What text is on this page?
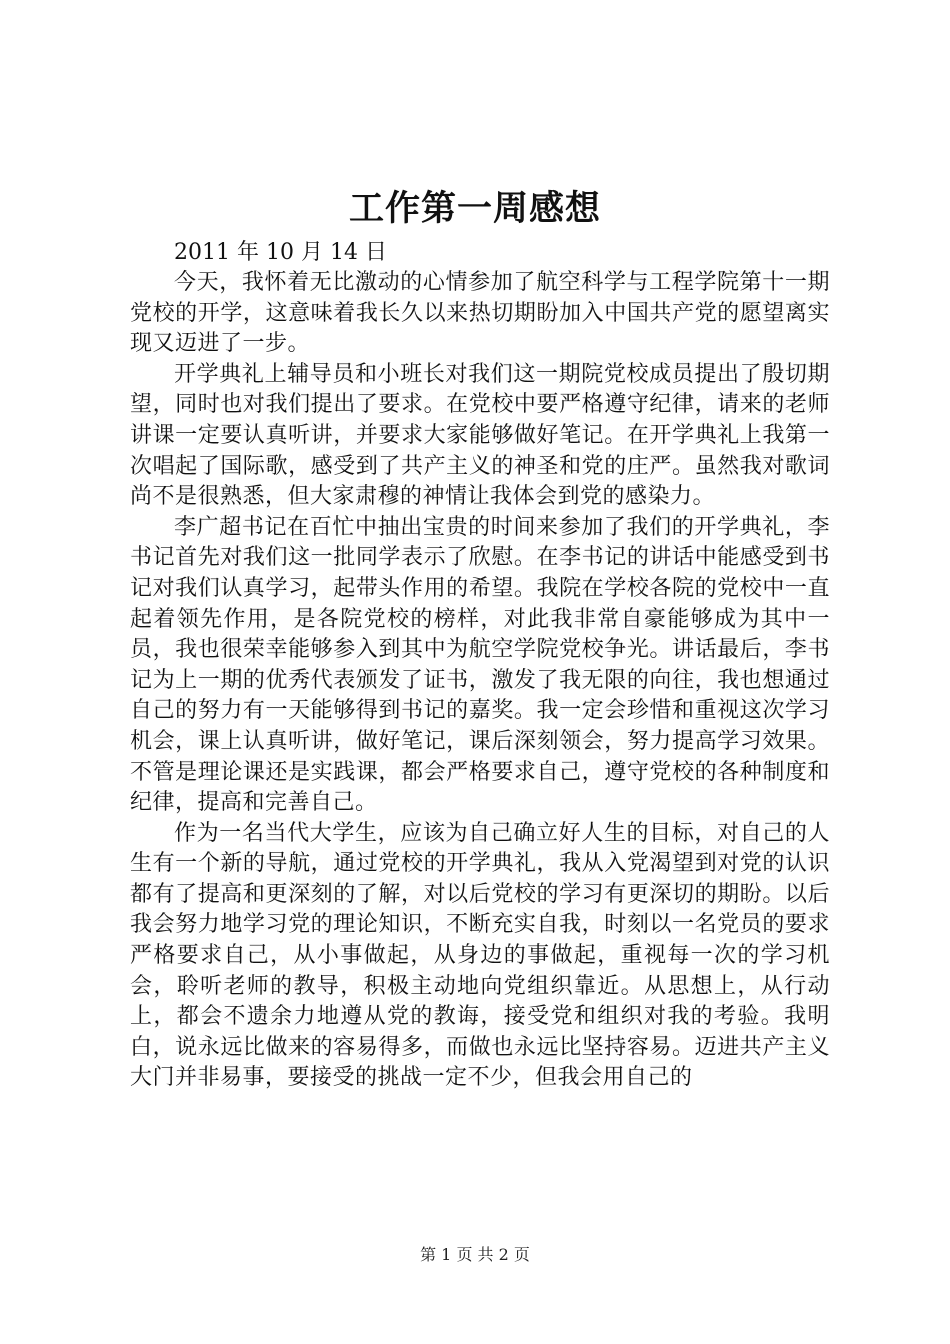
工作第一周感想

2011 年 10 月 14 日

今天，我怀着无比激动的心情参加了航空科学与工程学院第十一期党校的开学，这意味着我长久以来热切期盼加入中国共产党的愿望离实现又迈进了一步。

开学典礼上辅导员和小班长对我们这一期院党校成员提出了殷切期望，同时也对我们提出了要求。在党校中要严格遵守纪律，请来的老师讲课一定要认真听讲，并要求大家能够做好笔记。在开学典礼上我第一次唱起了国际歌，感受到了共产主义的神圣和党的庄严。虽然我对歌词尚不是很熟悉，但大家肃穆的神情让我体会到党的感染力。

李广超书记在百忙中抽出宝贵的时间来参加了我们的开学典礼，李书记首先对我们这一批同学表示了欣慰。在李书记的讲话中能感受到书记对我们认真学习，起带头作用的希望。我院在学校各院的党校中一直起着领先作用，是各院党校的榜样，对此我非常自豪能够成为其中一员，我也很荣幸能够参入到其中为航空学院党校争光。讲话最后，李书记为上一期的优秀代表颁发了证书，激发了我无限的向往，我也想通过自己的努力有一天能够得到书记的嘉奖。我一定会珍惜和重视这次学习机会，课上认真听讲，做好笔记，课后深刻领会，努力提高学习效果。不管是理论课还是实践课，都会严格要求自己，遵守党校的各种制度和纪律，提高和完善自己。

作为一名当代大学生，应该为自己确立好人生的目标，对自己的人生有一个新的导航，通过党校的开学典礼，我从入党渴望到对党的认识都有了提高和更深刻的了解，对以后党校的学习有更深切的期盼。以后我会努力地学习党的理论知识，不断充实自我，时刻以一名党员的要求严格要求自己，从小事做起，从身边的事做起，重视每一次的学习机会，聆听老师的教导，积极主动地向党组织靠近。从思想上，从行动上，都会不遗余力地遵从党的教诲，接受党和组织对我的考验。我明白，说永远比做来的容易得多，而做也永远比坚持容易。迈进共产主义大门并非易事，要接受的挑战一定不少，但我会用自己的

第 1 页 共 2 页
